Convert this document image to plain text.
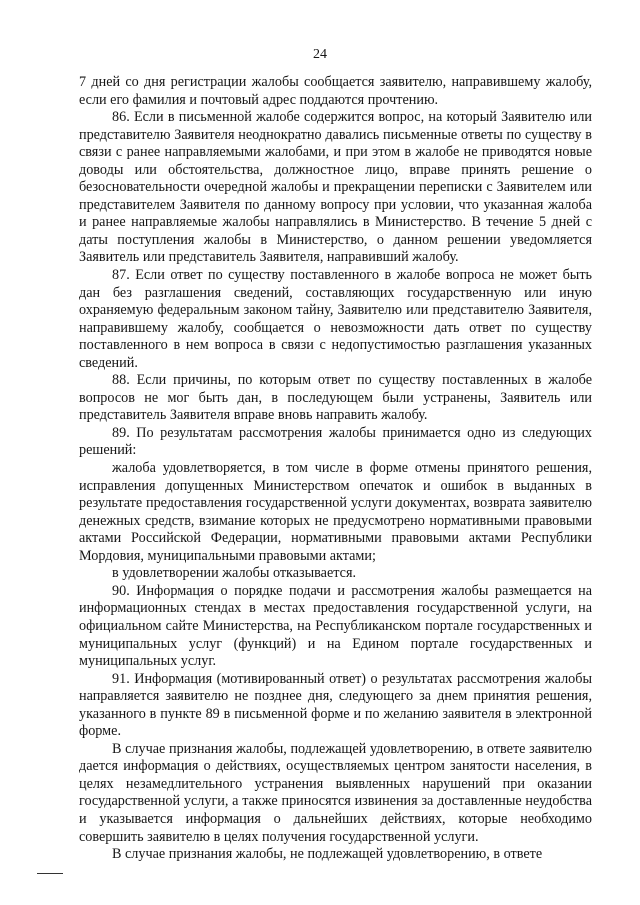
24

7 дней со дня регистрации жалобы сообщается заявителю, направившему жалобу, если его фамилия и почтовый адрес поддаются прочтению.

86. Если в письменной жалобе содержится вопрос, на который Заявителю или представителю Заявителя неоднократно давались письменные ответы по существу в связи с ранее направляемыми жалобами, и при этом в жалобе не приводятся новые доводы или обстоятельства, должностное лицо, вправе принять решение о безосновательности очередной жалобы и прекращении переписки с Заявителем или представителем Заявителя по данному вопросу при условии, что указанная жалоба и ранее направляемые жалобы направлялись в Министерство. В течение 5 дней с даты поступления жалобы в Министерство, о данном решении уведомляется Заявитель или представитель Заявителя, направивший жалобу.

87. Если ответ по существу поставленного в жалобе вопроса не может быть дан без разглашения сведений, составляющих государственную или иную охраняемую федеральным законом тайну, Заявителю или представителю Заявителя, направившему жалобу, сообщается о невозможности дать ответ по существу поставленного в нем вопроса в связи с недопустимостью разглашения указанных сведений.

88. Если причины, по которым ответ по существу поставленных в жалобе вопросов не мог быть дан, в последующем были устранены, Заявитель или представитель Заявителя вправе вновь направить жалобу.

89. По результатам рассмотрения жалобы принимается одно из следующих решений:

жалоба удовлетворяется, в том числе в форме отмены принятого решения, исправления допущенных Министерством опечаток и ошибок в выданных в результате предоставления государственной услуги документах, возврата заявителю денежных средств, взимание которых не предусмотрено нормативными правовыми актами Российской Федерации, нормативными правовыми актами Республики Мордовия, муниципальными правовыми актами;

в удовлетворении жалобы отказывается.

90. Информация о порядке подачи и рассмотрения жалобы размещается на информационных стендах в местах предоставления государственной услуги, на официальном сайте Министерства, на Республиканском портале государственных и муниципальных услуг (функций) и на Едином портале государственных и муниципальных услуг.

91. Информация (мотивированный ответ) о результатах рассмотрения жалобы направляется заявителю не позднее дня, следующего за днем принятия решения, указанного в пункте 89 в письменной форме и по желанию заявителя в электронной форме.

В случае признания жалобы, подлежащей удовлетворению, в ответе заявителю дается информация о действиях, осуществляемых центром занятости населения, в целях незамедлительного устранения выявленных нарушений при оказании государственной услуги, а также приносятся извинения за доставленные неудобства и указывается информация о дальнейших действиях, которые необходимо совершить заявителю в целях получения государственной услуги.

В случае признания жалобы, не подлежащей удовлетворению, в ответе
